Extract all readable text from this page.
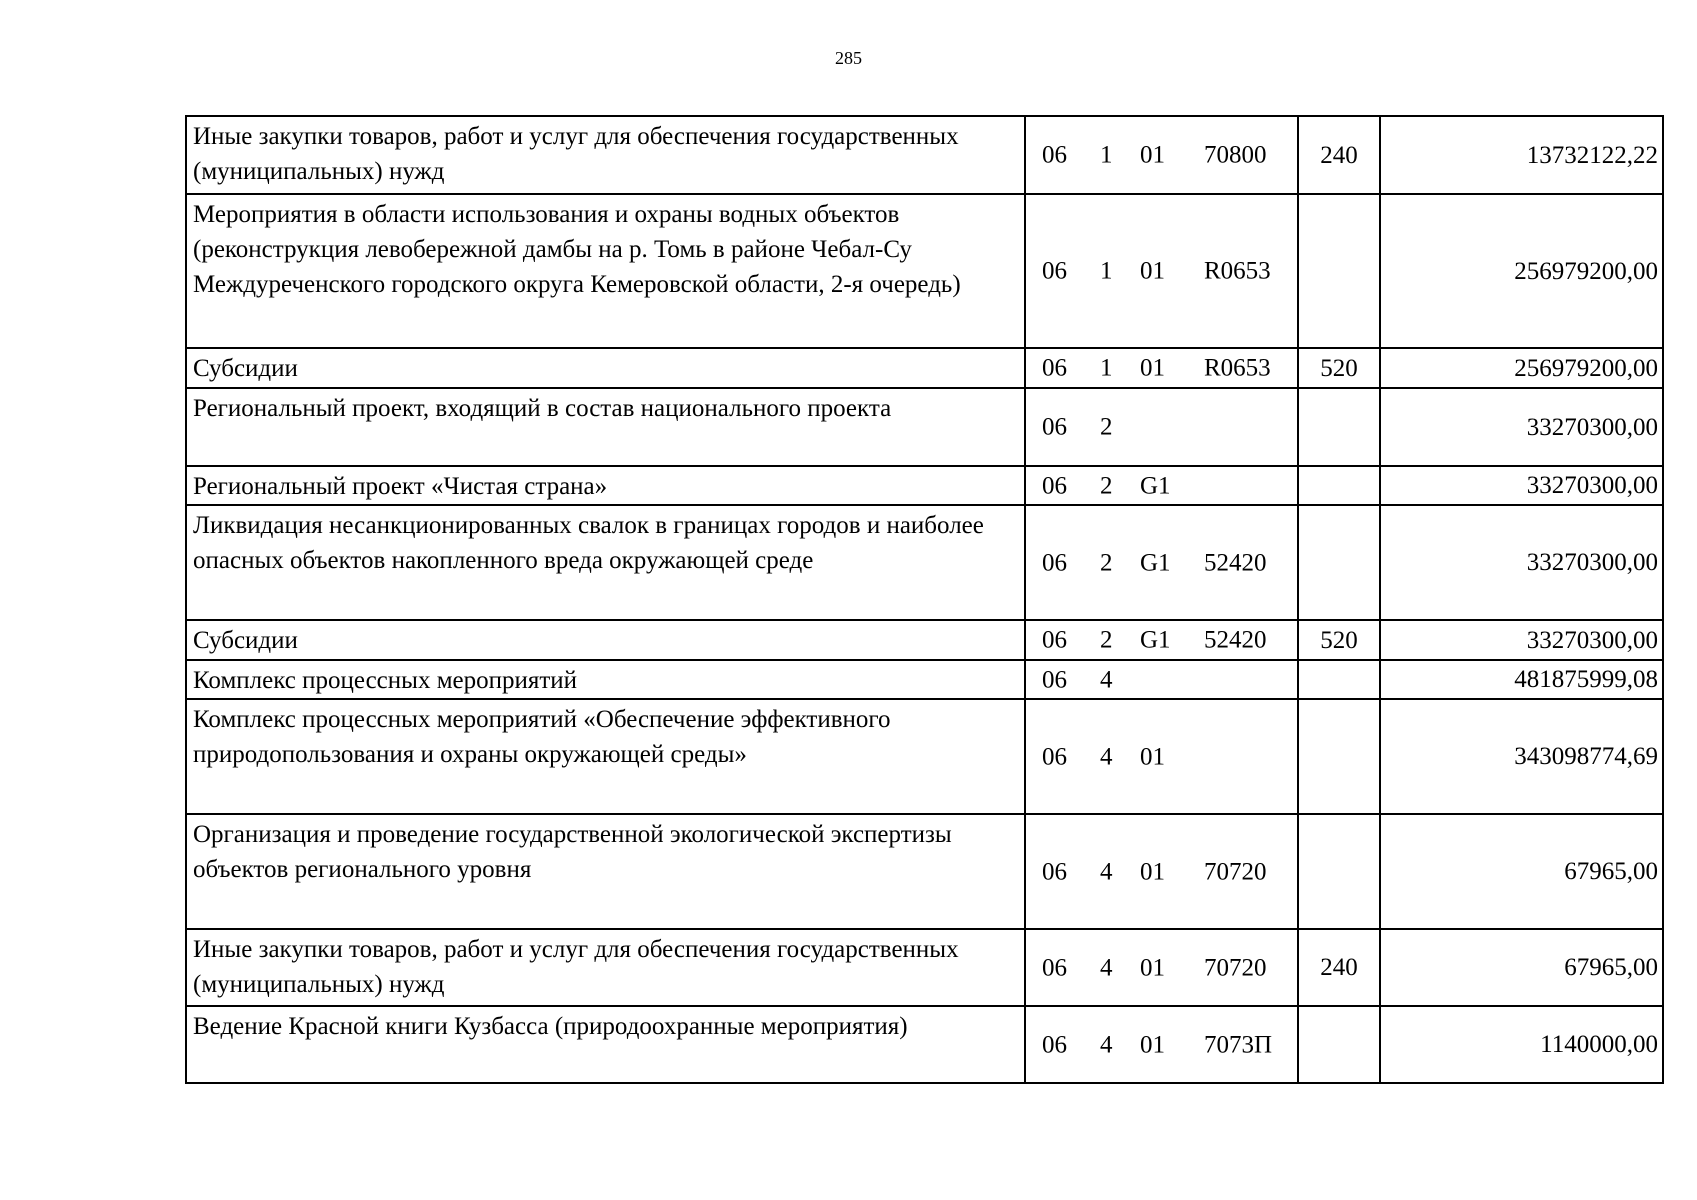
285
Иные закупки товаров, работ и услуг для обеспечения государственных (муниципальных) нужд	06 1 01 70800	240	13732122,22
Мероприятия в области использования и охраны водных объектов (реконструкция левобережной дамбы на р. Томь в районе Чебал-Су Междуреченского городского округа Кемеровской области, 2-я очередь)	06 1 01 R0653		256979200,00
Субсидии	06 1 01 R0653	520	256979200,00
Региональный проект, входящий в состав национального проекта	06 2		33270300,00
Региональный проект «Чистая страна»	06 2 G1		33270300,00
Ликвидация несанкционированных свалок в границах городов и наиболее опасных объектов накопленного вреда окружающей среде	06 2 G1 52420		33270300,00
Субсидии	06 2 G1 52420	520	33270300,00
Комплекс процессных мероприятий	06 4		481875999,08
Комплекс процессных мероприятий «Обеспечение эффективного природопользования и охраны окружающей среды»	06 4 01		343098774,69
Организация и проведение государственной экологической экспертизы объектов регионального уровня	06 4 01 70720		67965,00
Иные закупки товаров, работ и услуг для обеспечения государственных (муниципальных) нужд	06 4 01 70720	240	67965,00
Ведение Красной книги Кузбасса (природоохранные мероприятия)	06 4 01 7073П		1140000,00
